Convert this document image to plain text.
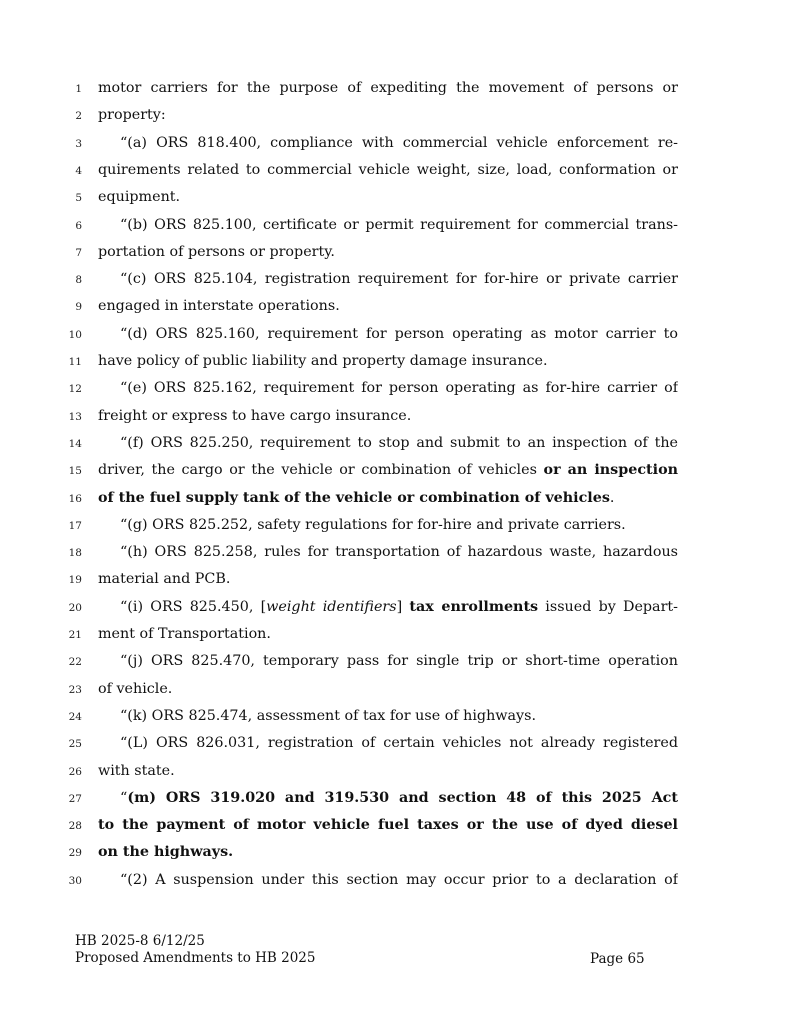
1 motor carriers for the purpose of expediting the movement of persons or
2 property:
3	“(a) ORS 818.400, compliance with commercial vehicle enforcement re-
4 quirements related to commercial vehicle weight, size, load, conformation or
5 equipment.
6	“(b) ORS 825.100, certificate or permit requirement for commercial trans-
7 portation of persons or property.
8	“(c) ORS 825.104, registration requirement for for-hire or private carrier
9 engaged in interstate operations.
10	“(d) ORS 825.160, requirement for person operating as motor carrier to
11 have policy of public liability and property damage insurance.
12	“(e) ORS 825.162, requirement for person operating as for-hire carrier of
13 freight or express to have cargo insurance.
14	“(f) ORS 825.250, requirement to stop and submit to an inspection of the
15 driver, the cargo or the vehicle or combination of vehicles or an inspection
16 of the fuel supply tank of the vehicle or combination of vehicles.
17	“(g) ORS 825.252, safety regulations for for-hire and private carriers.
18	“(h) ORS 825.258, rules for transportation of hazardous waste, hazardous
19 material and PCB.
20	“(i) ORS 825.450, [weight identifiers] tax enrollments issued by Depart-
21 ment of Transportation.
22	“(j) ORS 825.470, temporary pass for single trip or short-time operation
23 of vehicle.
24	“(k) ORS 825.474, assessment of tax for use of highways.
25	“(L) ORS 826.031, registration of certain vehicles not already registered
26 with state.
27	“(m) ORS 319.020 and 319.530 and section 48 of this 2025 Act
28 to the payment of motor vehicle fuel taxes or the use of dyed diesel
29 on the highways.
30	“(2) A suspension under this section may occur prior to a declaration of
HB 2025-8 6/12/25
Proposed Amendments to HB 2025	Page 65
